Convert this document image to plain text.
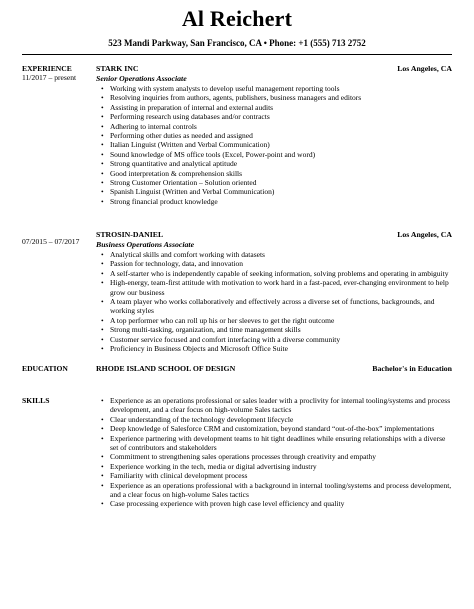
Al Reichert
523 Mandi Parkway, San Francisco, CA • Phone: +1 (555) 713 2752
EXPERIENCE
11/2017 – present
STARK INC	Los Angeles, CA
Senior Operations Associate
• Working with system analysts to develop useful management reporting tools
• Resolving inquiries from authors, agents, publishers, business managers and editors
• Assisting in preparation of internal and external audits
• Performing research using databases and/or contracts
• Adhering to internal controls
• Performing other duties as needed and assigned
• Italian Linguist (Written and Verbal Communication)
• Sound knowledge of MS office tools (Excel, Power-point and word)
• Strong quantitative and analytical aptitude
• Good interpretation & comprehension skills
• Strong Customer Orientation – Solution oriented
• Spanish Linguist (Written and Verbal Communication)
• Strong financial product knowledge
07/2015 – 07/2017
STROSIN-DANIEL	Los Angeles, CA
Business Operations Associate
• Analytical skills and comfort working with datasets
• Passion for technology, data, and innovation
• A self-starter who is independently capable of seeking information, solving problems and operating in ambiguity
• High-energy, team-first attitude with motivation to work hard in a fast-paced, ever-changing environment to help grow our business
• A team player who works collaboratively and effectively across a diverse set of functions, backgrounds, and working styles
• A top performer who can roll up his or her sleeves to get the right outcome
• Strong multi-tasking, organization, and time management skills
• Customer service focused and comfort interfacing with a diverse community
• Proficiency in Business Objects and Microsoft Office Suite
EDUCATION	RHODE ISLAND SCHOOL OF DESIGN	Bachelor's in Education
SKILLS
•	Experience as an operations professional or sales leader with a proclivity for internal tooling/systems and process development, and a clear focus on high-volume Sales tactics
• Clear understanding of the technology development lifecycle
• Deep knowledge of Salesforce CRM and customization, beyond standard “out-of-the-box” implementations
• Experience partnering with development teams to hit tight deadlines while ensuring relationships with a diverse set of contributors and stakeholders
• Commitment to strengthening sales operations processes through creativity and empathy
• Experience working in the tech, media or digital advertising industry
• Familiarity with clinical development process
• Experience as an operations professional with a background in internal tooling/systems and process development, and a clear focus on high-volume Sales tactics
• Case processing experience with proven high case level efficiency and quality
